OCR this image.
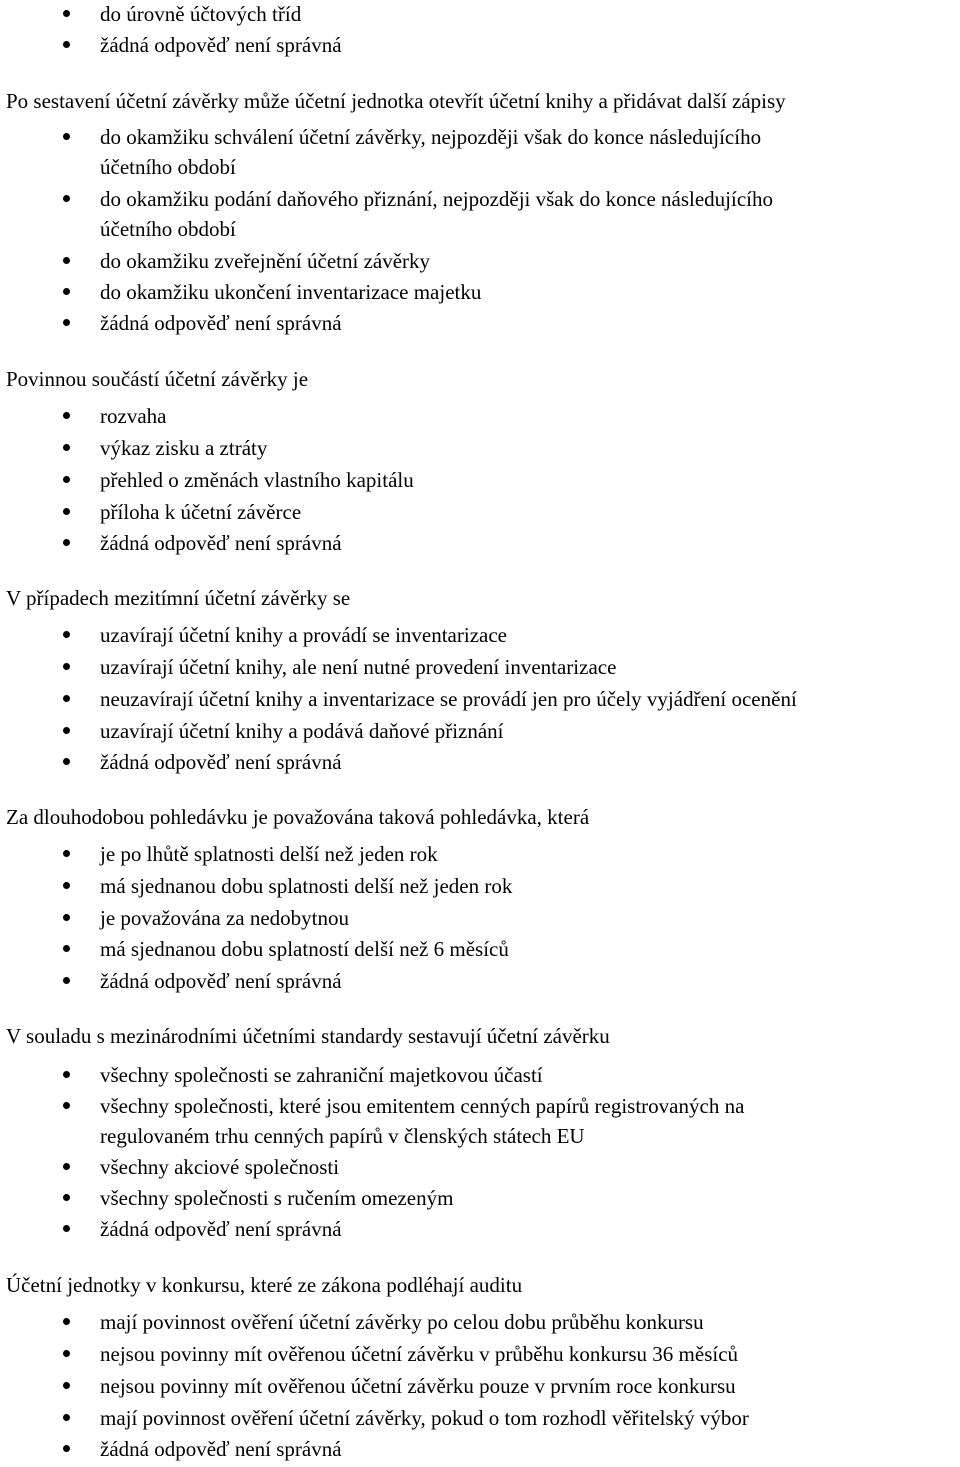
do úrovně účtových tříd
žádná odpověď není správná
Po sestavení účetní závěrky může účetní jednotka otevřít účetní knihy a přidávat další zápisy
do okamžiku schválení účetní závěrky, nejpozději však do konce následujícího
účetního období
do okamžiku podání daňového přiznání, nejpozději však do konce následujícího
účetního období
do okamžiku zveřejnění účetní závěrky
do okamžiku ukončení inventarizace majetku
žádná odpověď není správná
Povinnou součástí účetní závěrky je
rozvaha
výkaz zisku a ztráty
přehled o změnách vlastního kapitálu
příloha k účetní závěrce
žádná odpověď není správná
V případech mezitímní účetní závěrky se
uzavírají účetní knihy a provádí se inventarizace
uzavírají účetní knihy, ale není nutné provedení inventarizace
neuzavírají účetní knihy a inventarizace se provádí jen pro účely vyjádření ocenění
uzavírají účetní knihy a podává daňové přiznání
žádná odpověď není správná
Za dlouhodobou pohledávku je považována taková pohledávka, která
je po lhůtě splatnosti delší než jeden rok
má sjednanou dobu splatnosti delší než jeden rok
je považována za nedobytnou
má sjednanou dobu splatností delší než 6 měsíců
žádná odpověď není správná
V souladu s mezinárodními účetními standardy sestavují účetní závěrku
všechny společnosti se zahraniční majetkovou účastí
všechny společnosti, které jsou emitentem cenných papírů registrovaných na
regulovaném trhu cenných papírů v členských státech EU
všechny akciové společnosti
všechny společnosti s ručením omezeným
žádná odpověď není správná
Účetní jednotky v konkursu, které ze zákona podléhají auditu
mají povinnost ověření účetní závěrky po celou dobu průběhu konkursu
nejsou povinny mít ověřenou účetní závěrku v průběhu konkursu 36 měsíců
nejsou povinny mít ověřenou účetní závěrku pouze v prvním roce konkursu
mají povinnost ověření účetní závěrky, pokud o tom rozhodl věřitelský výbor
žádná odpověď není správná
